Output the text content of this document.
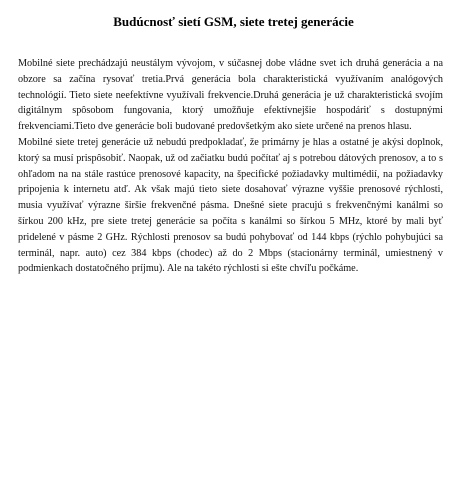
Budúcnosť sietí GSM, siete tretej generácie

Mobilné siete prechádzajú neustálym vývojom, v súčasnej dobe vládne svet ich druhá generácia a na obzore sa začína rysovať tretia.Prvá generácia bola charakteristická využívaním analógových technológií. Tieto siete neefektívne využívali frekvencie.Druhá generácia je už charakteristická svojím digitálnym spôsobom fungovania, ktorý umožňuje efektívnejšie hospodáriť s dostupnými frekvenciami.Tieto dve generácie boli budované predovšetkým ako siete určené na prenos hlasu.

Mobilné siete tretej generácie už nebudú predpokladať, že primárny je hlas a ostatné je akýsi doplnok, ktorý sa musí prispôsobiť. Naopak, už od začiatku budú počítať aj s potrebou dátových prenosov, a to s ohľadom na na stále rastúce prenosové kapacity, na špecifické požiadavky multimédií, na požiadavky pripojenia k internetu atď. Ak však majú tieto siete dosahovať výrazne vyššie prenosové rýchlosti, musia využívať výrazne širšie frekvenčné pásma. Dnešné siete pracujú s frekvenčnými kanálmi so šírkou 200 kHz, pre siete tretej generácie sa počíta s kanálmi so šírkou 5 MHz, ktoré by mali byť pridelené v pásme 2 GHz. Rýchlosti prenosov sa budú pohybovať od 144 kbps (rýchlo pohybujúci sa terminál, napr. auto) cez 384 kbps (chodec) až do 2 Mbps (stacionárny terminál, umiestnený v podmienkach dostatočného príjmu). Ale na takéto rýchlosti si ešte chvíľu počkáme.
